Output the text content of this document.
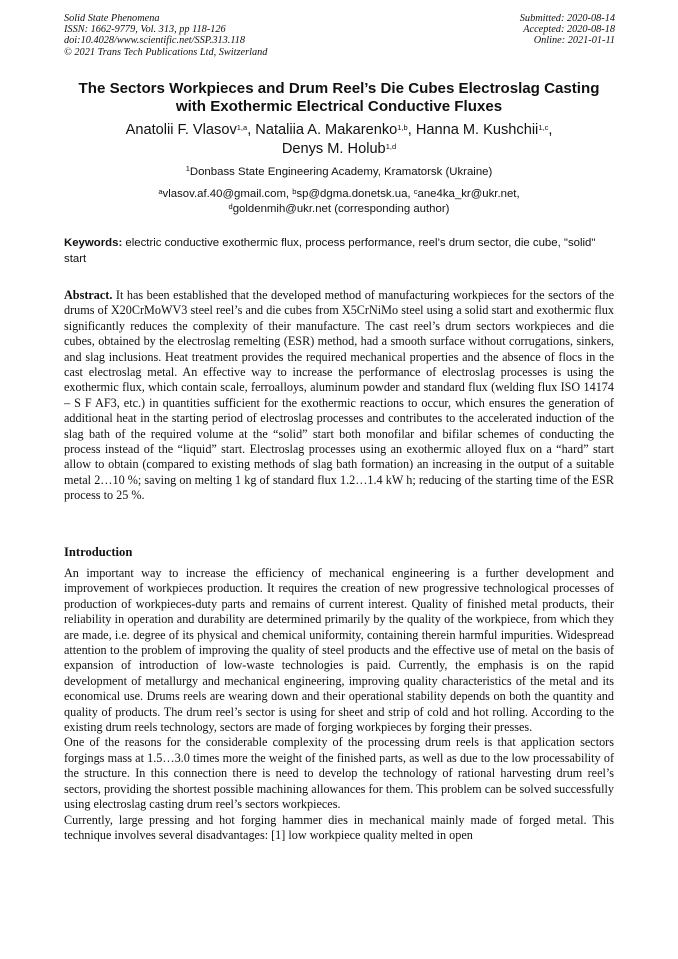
Solid State Phenomena
ISSN: 1662-9779, Vol. 313, pp 118-126
doi:10.4028/www.scientific.net/SSP.313.118
© 2021 Trans Tech Publications Ltd, Switzerland
Submitted: 2020-08-14
Accepted: 2020-08-18
Online: 2021-01-11
The Sectors Workpieces and Drum Reel’s Die Cubes Electroslag Casting with Exothermic Electrical Conductive Fluxes
Anatolii F. Vlasov$^{1,a}$, Nataliia A. Makarenko$^{1,b}$, Hanna M. Kushchii$^{1,c}$,
Denys M. Holub$^{1,d}$
$^1$Donbass State Engineering Academy, Kramatorsk (Ukraine)
$^a$vlasov.af.40@gmail.com, $^b$sp@dgma.donetsk.ua, $^c$ane4ka_kr@ukr.net,
$^d$goldenmih@ukr.net (corresponding author)
Keywords: electric conductive exothermic flux, process performance, reel’s drum sector, die cube, "solid" start
Abstract. It has been established that the developed method of manufacturing workpieces for the sectors of the drums of X20CrMoWV3 steel reel’s and die cubes from X5CrNiMo steel using a solid start and exothermic flux significantly reduces the complexity of their manufacture. The cast reel’s drum sectors workpieces and die cubes, obtained by the electroslag remelting (ESR) method, had a smooth surface without corrugations, sinkers, and slag inclusions. Heat treatment provides the required mechanical properties and the absence of flocs in the cast electroslag metal. An effective way to increase the performance of electroslag processes is using the exothermic flux, which contain scale, ferroalloys, aluminum powder and standard flux (welding flux ISO 14174 – S F AF3, etc.) in quantities sufficient for the exothermic reactions to occur, which ensures the generation of additional heat in the starting period of electroslag processes and contributes to the accelerated induction of the slag bath of the required volume at the “solid” start both monofilar and bifilar schemes of conducting the process instead of the “liquid” start. Electroslag processes using an exothermic alloyed flux on a “hard” start allow to obtain (compared to existing methods of slag bath formation) an increasing in the output of a suitable metal 2…10 %; saving on melting 1 kg of standard flux 1.2…1.4 kW h; reducing of the starting time of the ESR process to 25 %.
Introduction

An important way to increase the efficiency of mechanical engineering is a further development and improvement of workpieces production. It requires the creation of new progressive technological processes of production of workpieces-duty parts and remains of current interest. Quality of finished metal products, their reliability in operation and durability are determined primarily by the quality of the workpiece, from which they are made, i.e. degree of its physical and chemical uniformity, containing therein harmful impurities. Widespread attention to the problem of improving the quality of steel products and the effective use of metal on the basis of expansion of introduction of low-waste technologies is paid. Currently, the emphasis is on the rapid development of metallurgy and mechanical engineering, improving quality characteristics of the metal and its economical use. Drums reels are wearing down and their operational stability depends on both the quantity and quality of products. The drum reel’s sector is using for sheet and strip of cold and hot rolling. According to the existing drum reels technology, sectors are made of forging workpieces by forging their presses.

One of the reasons for the considerable complexity of the processing drum reels is that application sectors forgings mass at 1.5…3.0 times more the weight of the finished parts, as well as due to the low processability of the structure. In this connection there is need to develop the technology of rational harvesting drum reel’s sectors, providing the shortest possible machining allowances for them. This problem can be solved successfully using electroslag casting drum reel’s sectors workpieces.

Currently, large pressing and hot forging hammer dies in mechanical mainly made of forged metal. This technique involves several disadvantages: [1] low workpiece quality melted in open
